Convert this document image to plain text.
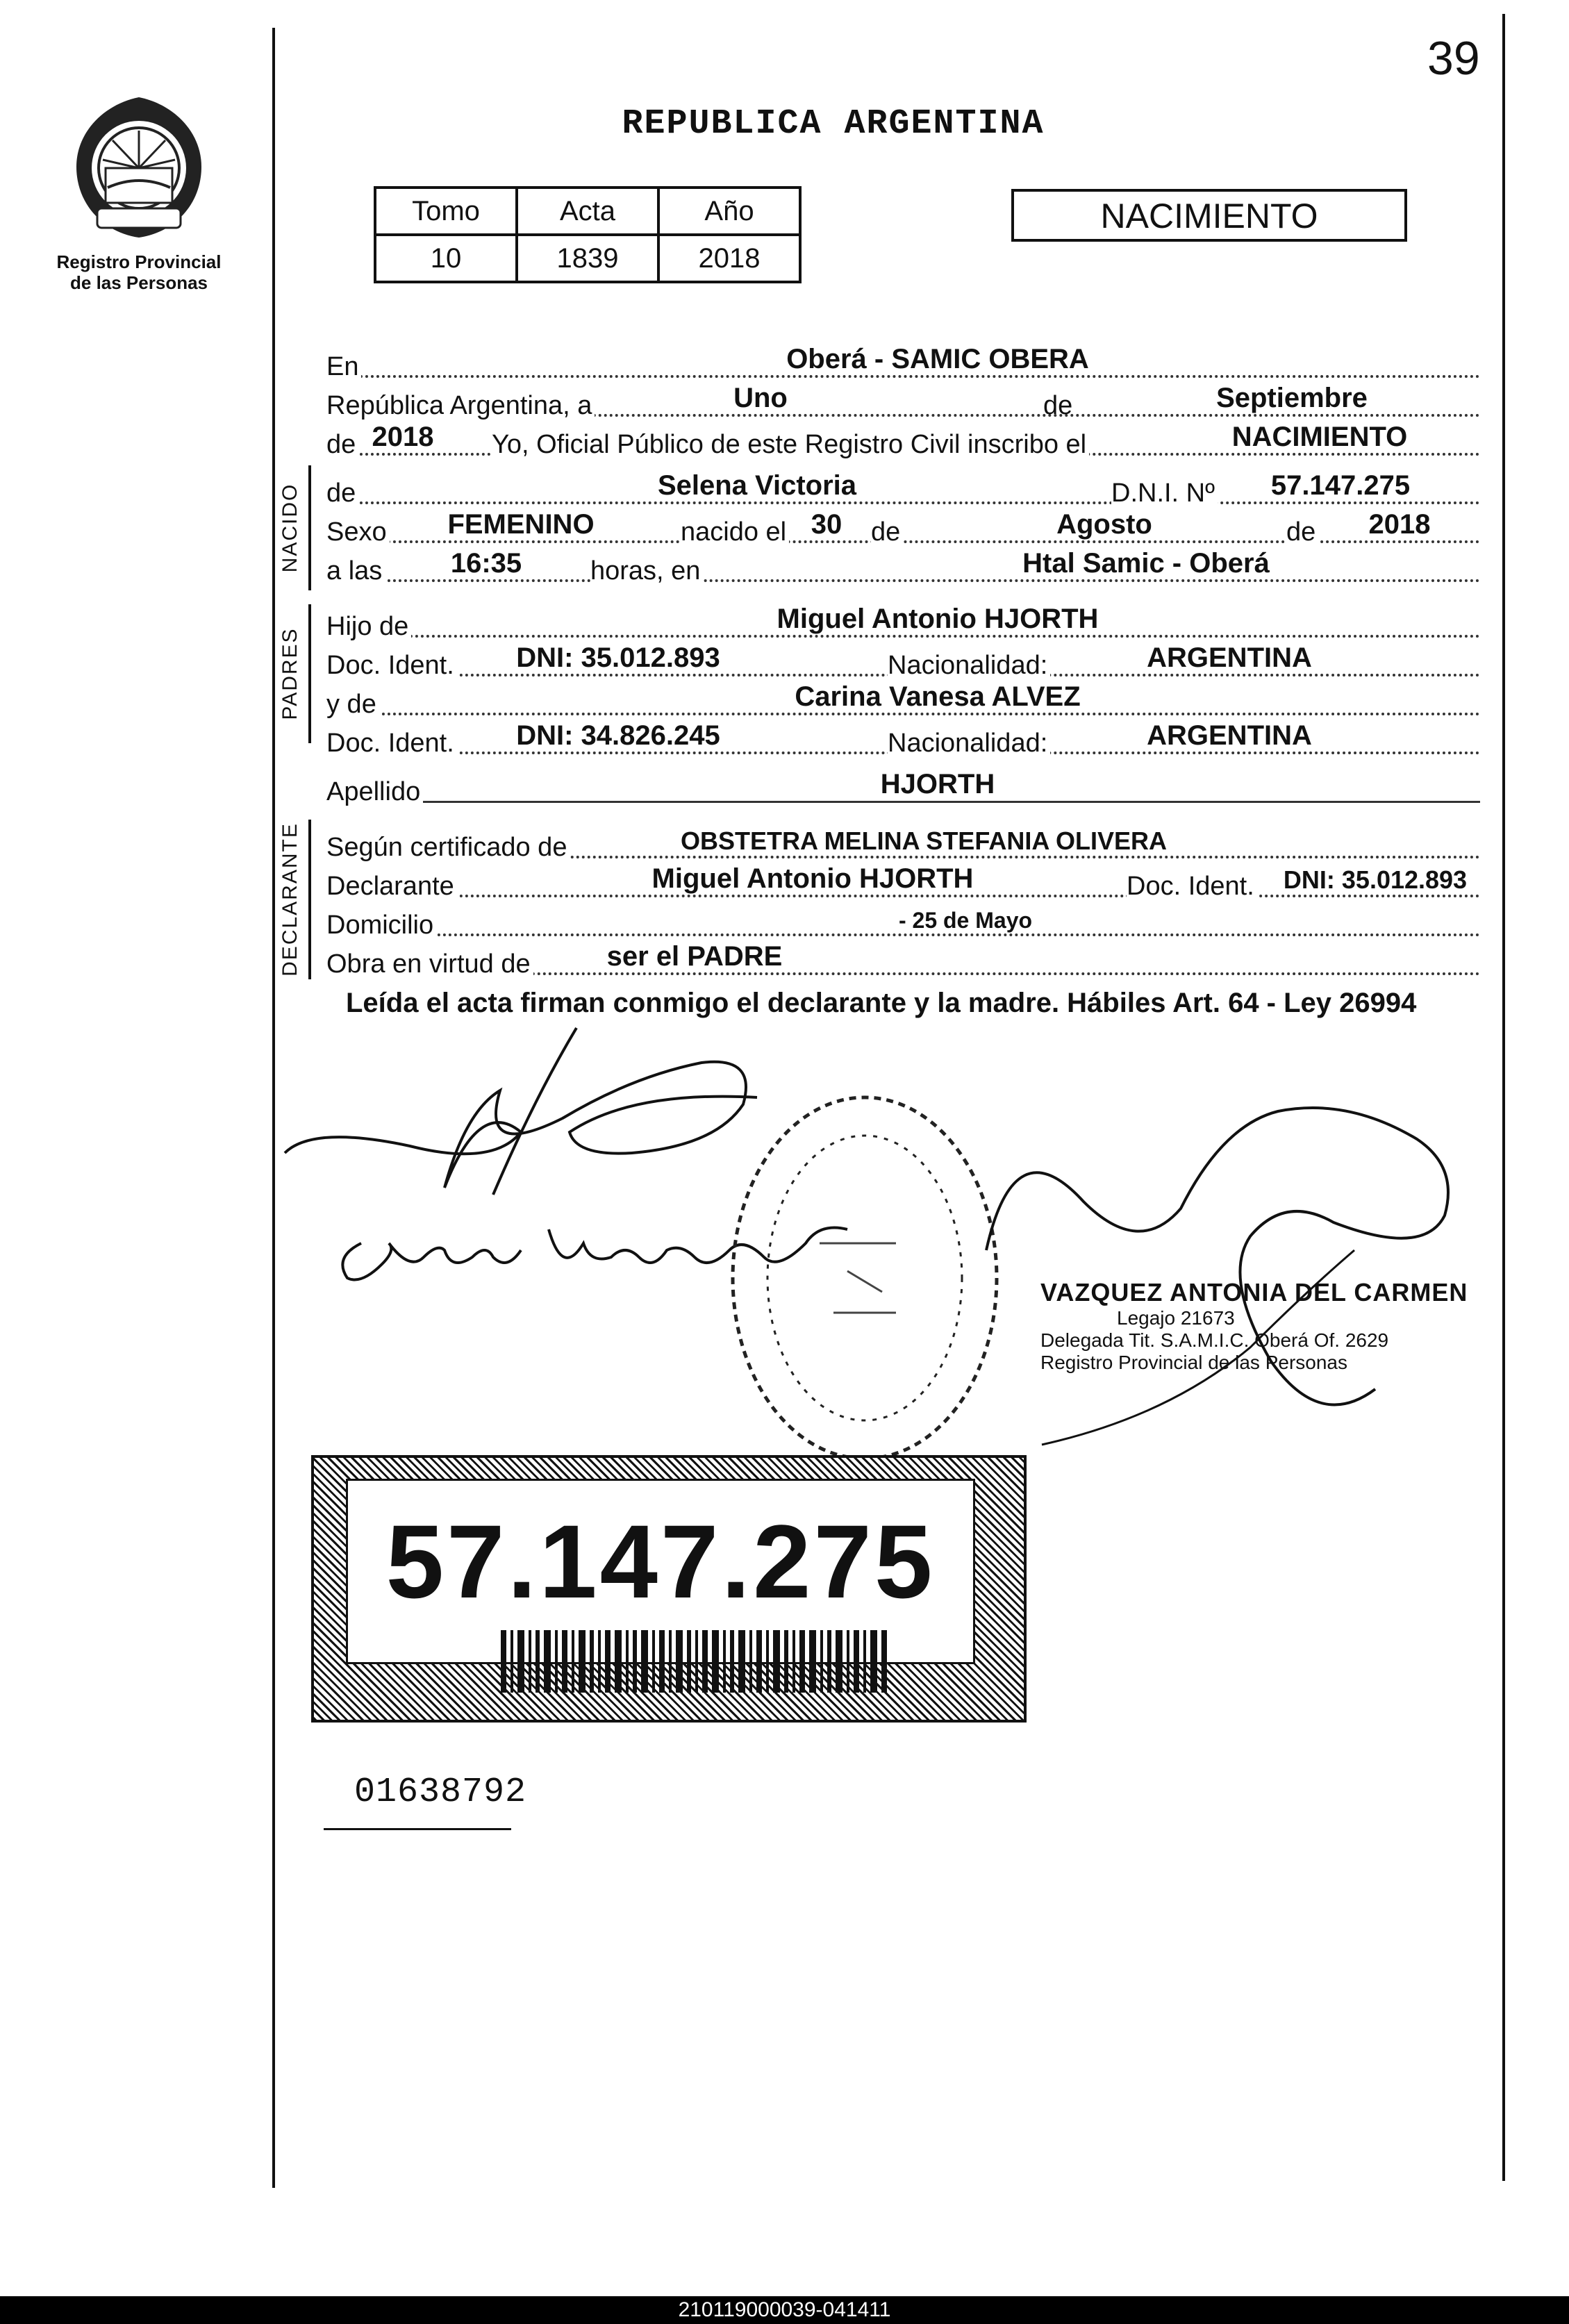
39
Registro Provincial
de las Personas
REPUBLICA ARGENTINA
Tomo	Acta	Año
10	1839	2018
NACIMIENTO
En	Oberá - SAMIC OBERA
República Argentina, a	Uno	de	Septiembre
de 2018	Yo, Oficial Público de este Registro Civil inscribo el	NACIMIENTO
NACIDO de	Selena Victoria	D.N.I. Nº	57.147.275
Sexo	FEMENINO	nacido el 30 de	Agosto	de	2018
a las	16:35	horas, en	Htal Samic - Oberá
PADRES
Hijo de	Miguel Antonio HJORTH
Doc. Ident.	DNI: 35.012.893	Nacionalidad:	ARGENTINA
y de	Carina Vanesa ALVEZ
Doc. Ident.	DNI: 34.826.245	Nacionalidad:	ARGENTINA
Apellido	HJORTH
DECLARANTE Según certificado de	OBSTETRA MELINA STEFANIA OLIVERA
Declarante	Miguel Antonio HJORTH	Doc. Ident.	DNI: 35.012.893
Domicilio	- 25 de Mayo
Obra en virtud de	ser el PADRE
Leída el acta firman conmigo el declarante y la madre. Hábiles Art. 64 - Ley 26994
Carina Vanesa Olivez	VAZQUEZ ANTONIA DEL CARMEN
Legajo 21673
Delegada Tit. S.A.M.I.C. Oberá Of. 2629
Registro Provincial de las Personas
57.147.275
01638792
210119000039-041411
